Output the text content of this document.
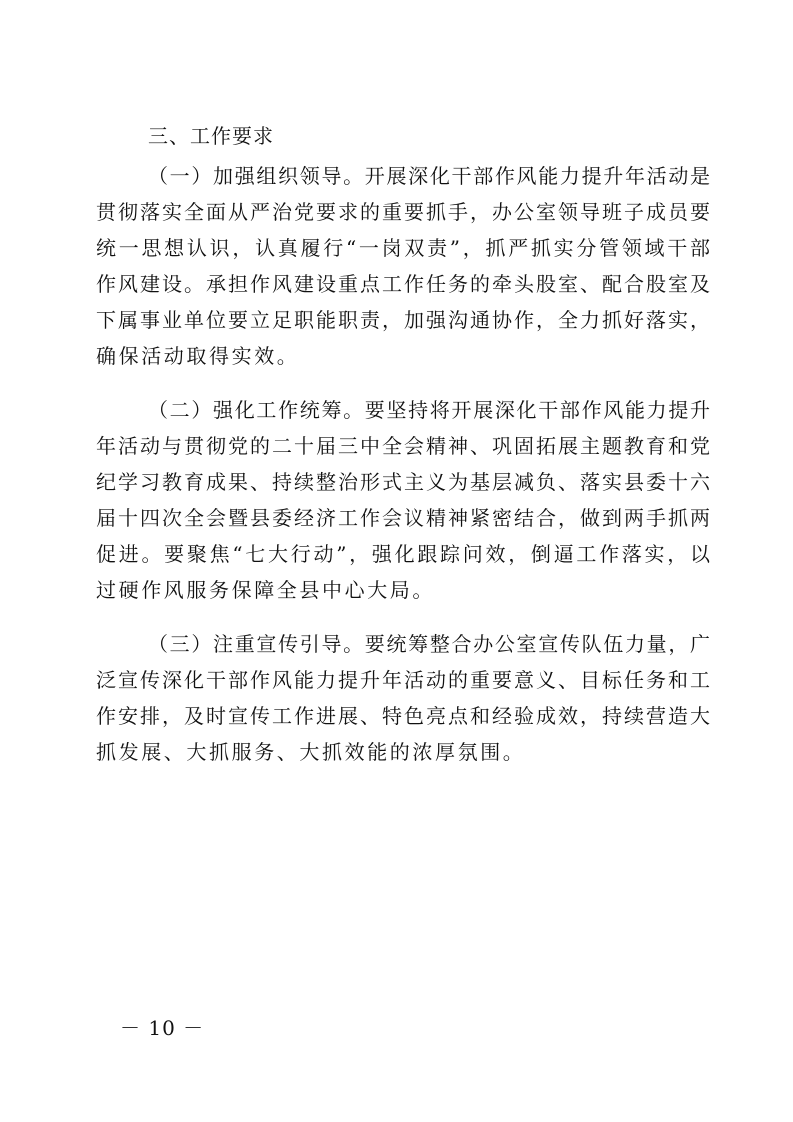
三、工作要求
（一）加强组织领导。开展深化干部作风能力提升年活动是
贯彻落实全面从严治党要求的重要抓手，办公室领导班子成员要
统一思想认识，认真履行“一岗双责”，抓严抓实分管领域干部
作风建设。承担作风建设重点工作任务的牵头股室、配合股室及
下属事业单位要立足职能职责，加强沟通协作，全力抓好落实，
确保活动取得实效。
（二）强化工作统筹。要坚持将开展深化干部作风能力提升
年活动与贯彻党的二十届三中全会精神、巩固拓展主题教育和党
纪学习教育成果、持续整治形式主义为基层减负、落实县委十六
届十四次全会暨县委经济工作会议精神紧密结合，做到两手抓两
促进。要聚焦“七大行动”，强化跟踪问效，倒逼工作落实，以
过硬作风服务保障全县中心大局。
（三）注重宣传引导。要统筹整合办公室宣传队伍力量，广
泛宣传深化干部作风能力提升年活动的重要意义、目标任务和工
作安排，及时宣传工作进展、特色亮点和经验成效，持续营造大
抓发展、大抓服务、大抓效能的浓厚氛围。
－ 10 －
